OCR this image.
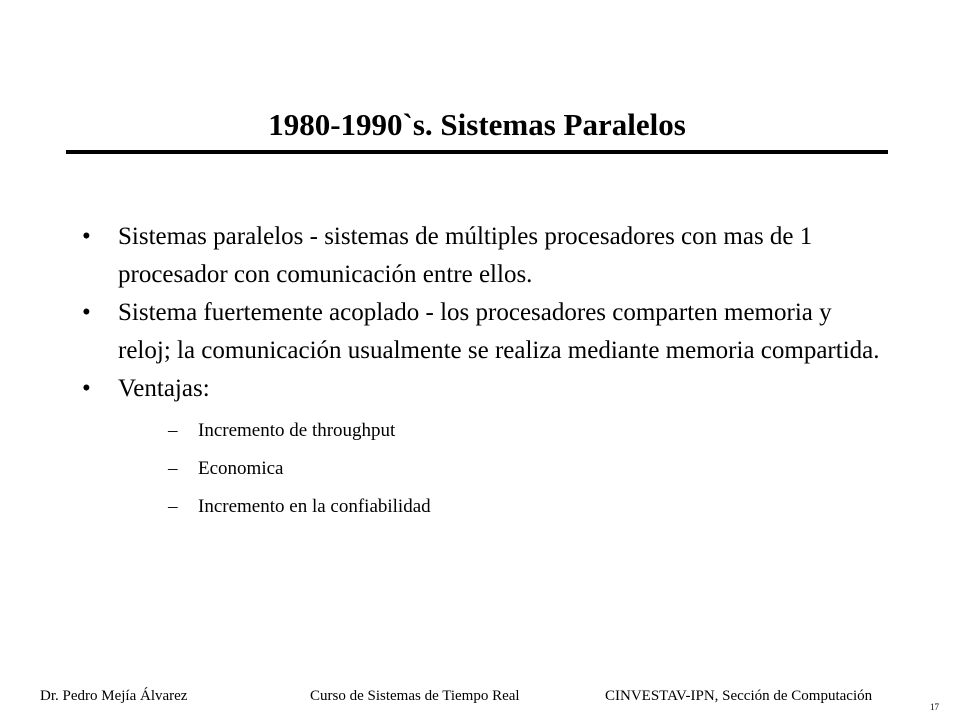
1980-1990`s. Sistemas Paralelos
• Sistemas paralelos - sistemas de múltiples procesadores con mas de 1 procesador con comunicación entre ellos.
• Sistema fuertemente acoplado - los procesadores comparten memoria y reloj; la comunicación usualmente se realiza mediante memoria compartida.
• Ventajas:
– Incremento de throughput
– Economica
– Incremento en la confiabilidad
Dr. Pedro Mejía Álvarez	Curso de Sistemas de Tiempo Real	CINVESTAV-IPN, Sección de Computación
17
